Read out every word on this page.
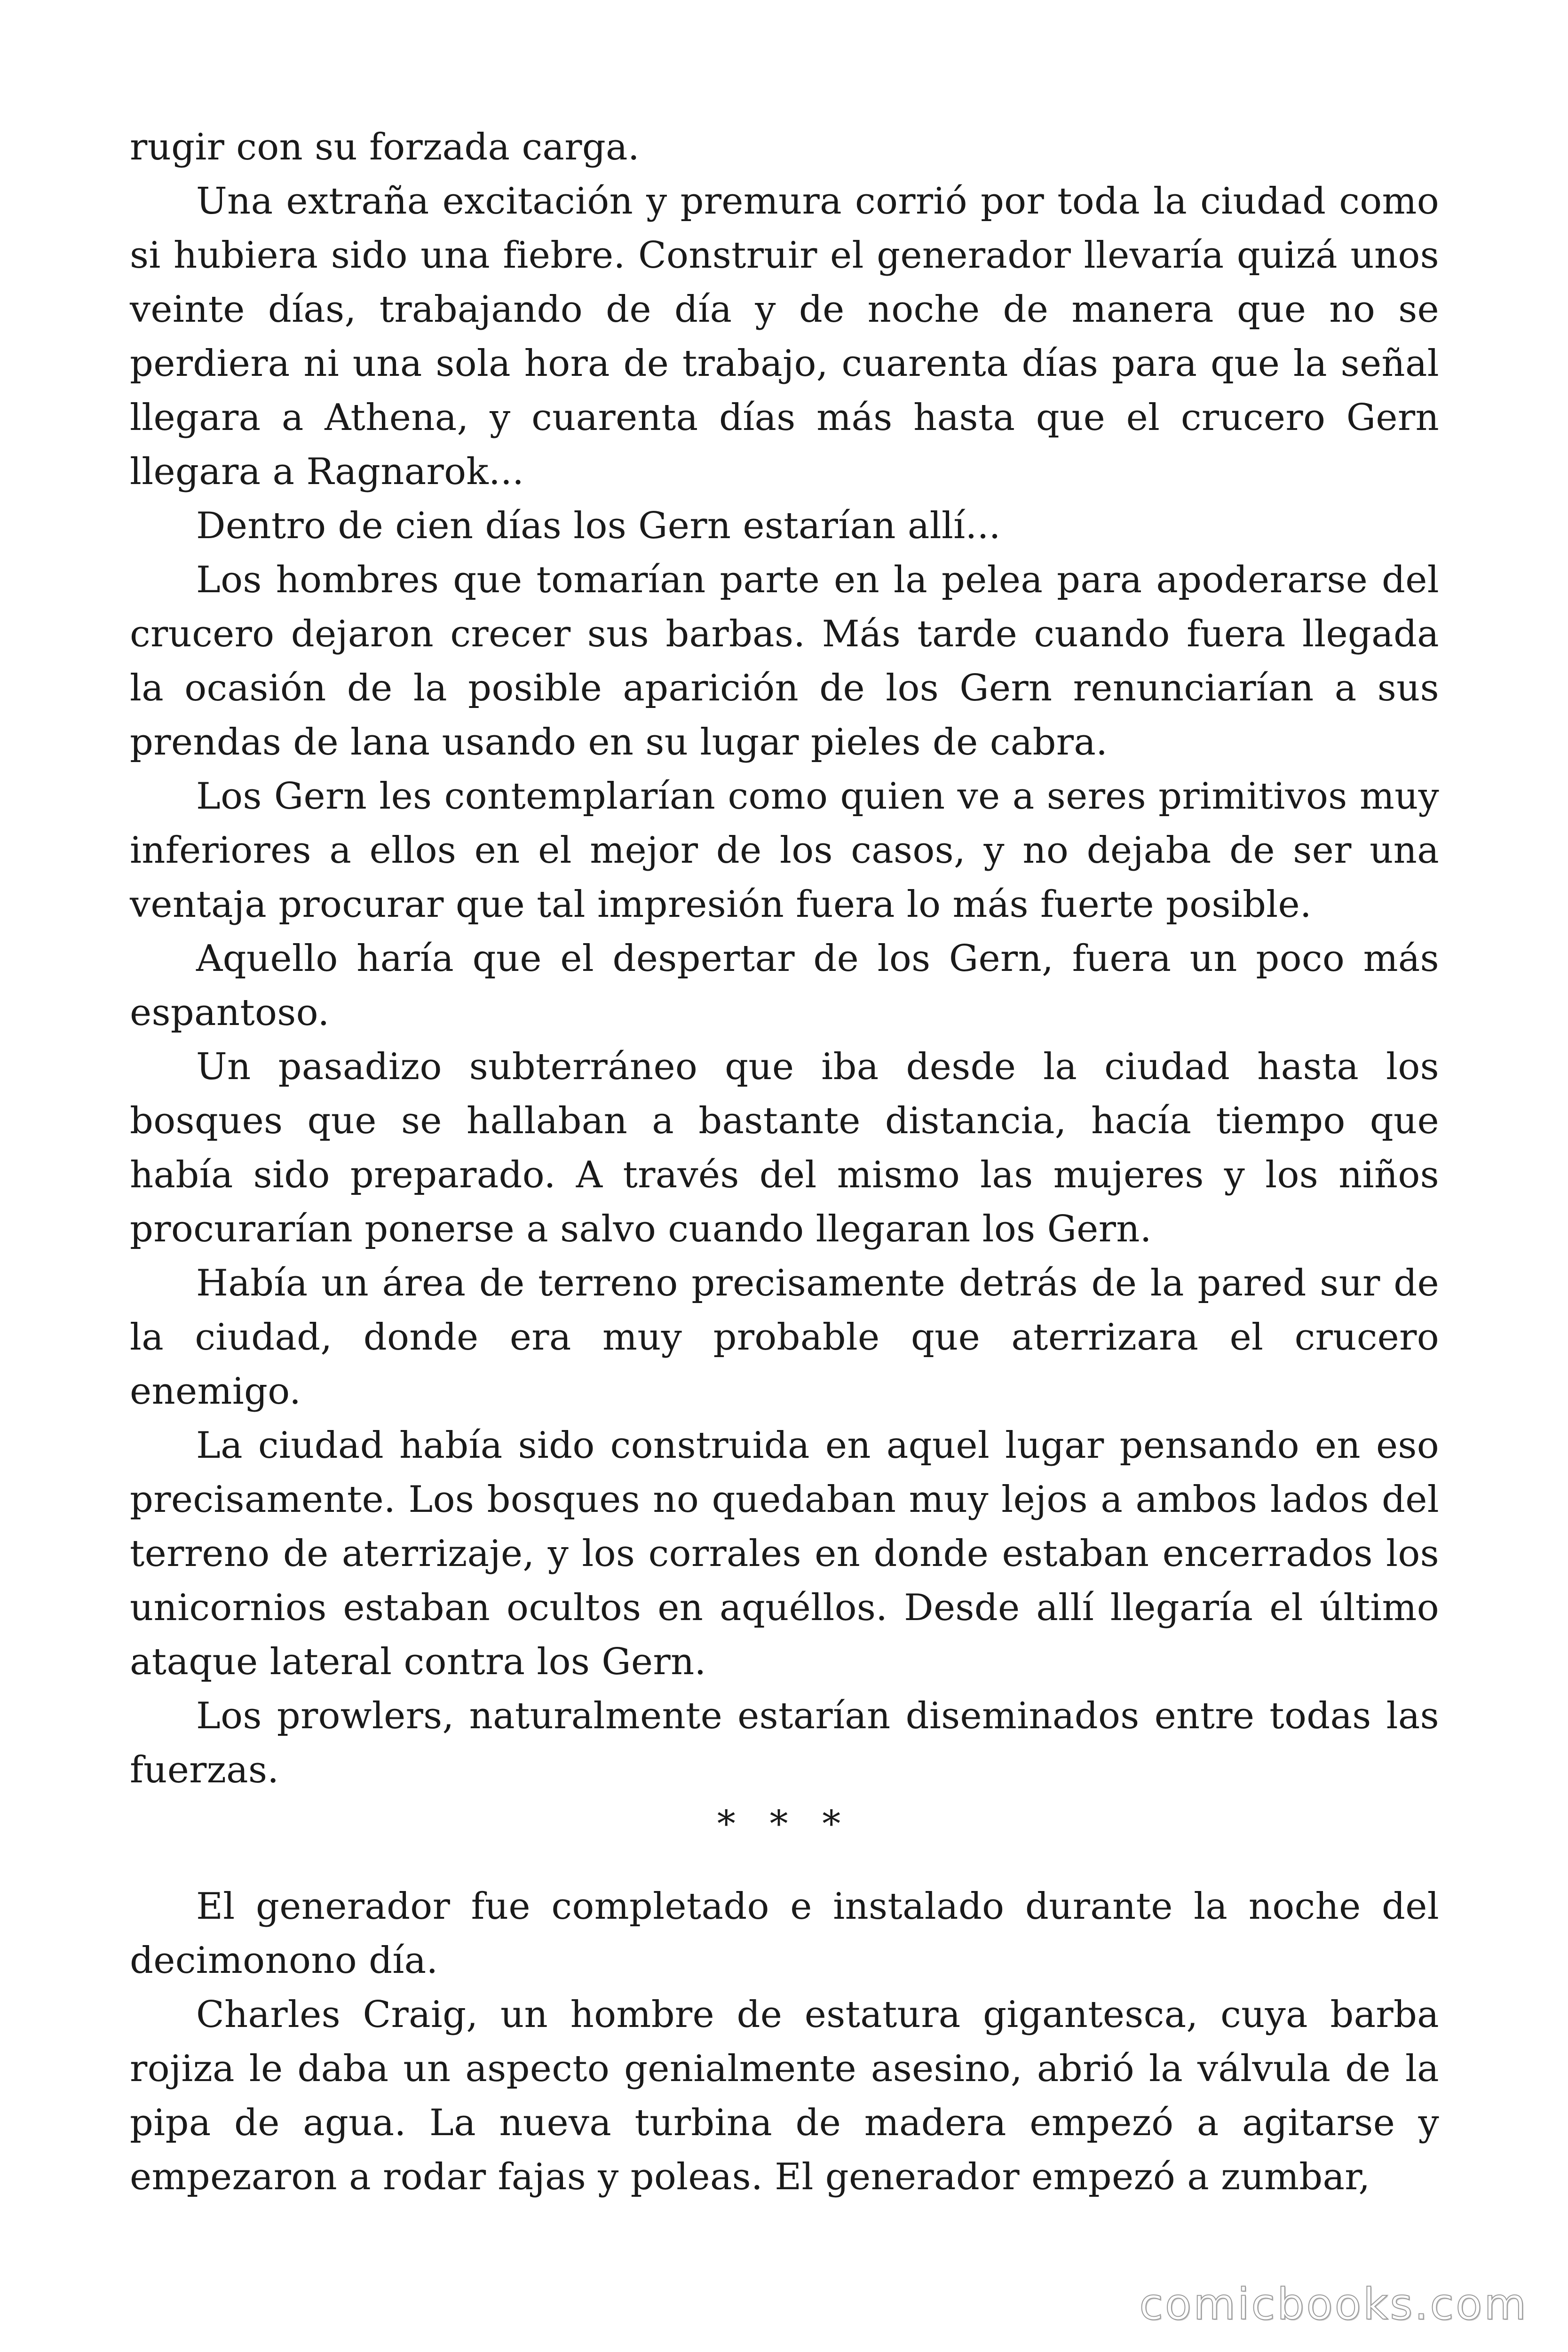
rugir con su forzada carga.

Una extraña excitación y premura corrió por toda la ciudad como si hubiera sido una fiebre. Construir el generador llevaría quizá unos veinte días, trabajando de día y de noche de manera que no se perdiera ni una sola hora de trabajo, cuarenta días para que la señal llegara a Athena, y cuarenta días más hasta que el crucero Gern llegara a Ragnarok...

Dentro de cien días los Gern estarían allí...

Los hombres que tomarían parte en la pelea para apoderarse del crucero dejaron crecer sus barbas. Más tarde cuando fuera llegada la ocasión de la posible aparición de los Gern renunciarían a sus prendas de lana usando en su lugar pieles de cabra.

Los Gern les contemplarían como quien ve a seres primitivos muy inferiores a ellos en el mejor de los casos, y no dejaba de ser una ventaja procurar que tal impresión fuera lo más fuerte posible.

Aquello haría que el despertar de los Gern, fuera un poco más espantoso.

Un pasadizo subterráneo que iba desde la ciudad hasta los bosques que se hallaban a bastante distancia, hacía tiempo que había sido preparado. A través del mismo las mujeres y los niños procurarían ponerse a salvo cuando llegaran los Gern.

Había un área de terreno precisamente detrás de la pared sur de la ciudad, donde era muy probable que aterrizara el crucero enemigo.

La ciudad había sido construida en aquel lugar pensando en eso precisamente. Los bosques no quedaban muy lejos a ambos lados del terreno de aterrizaje, y los corrales en donde estaban encerrados los unicornios estaban ocultos en aquéllos. Desde allí llegaría el último ataque lateral contra los Gern.

Los prowlers, naturalmente estarían diseminados entre todas las fuerzas.

* * *

El generador fue completado e instalado durante la noche del decimonono día.

Charles Craig, un hombre de estatura gigantesca, cuya barba rojiza le daba un aspecto genialmente asesino, abrió la válvula de la pipa de agua. La nueva turbina de madera empezó a agitarse y empezaron a rodar fajas y poleas. El generador empezó a zumbar,

comicbooks.com
